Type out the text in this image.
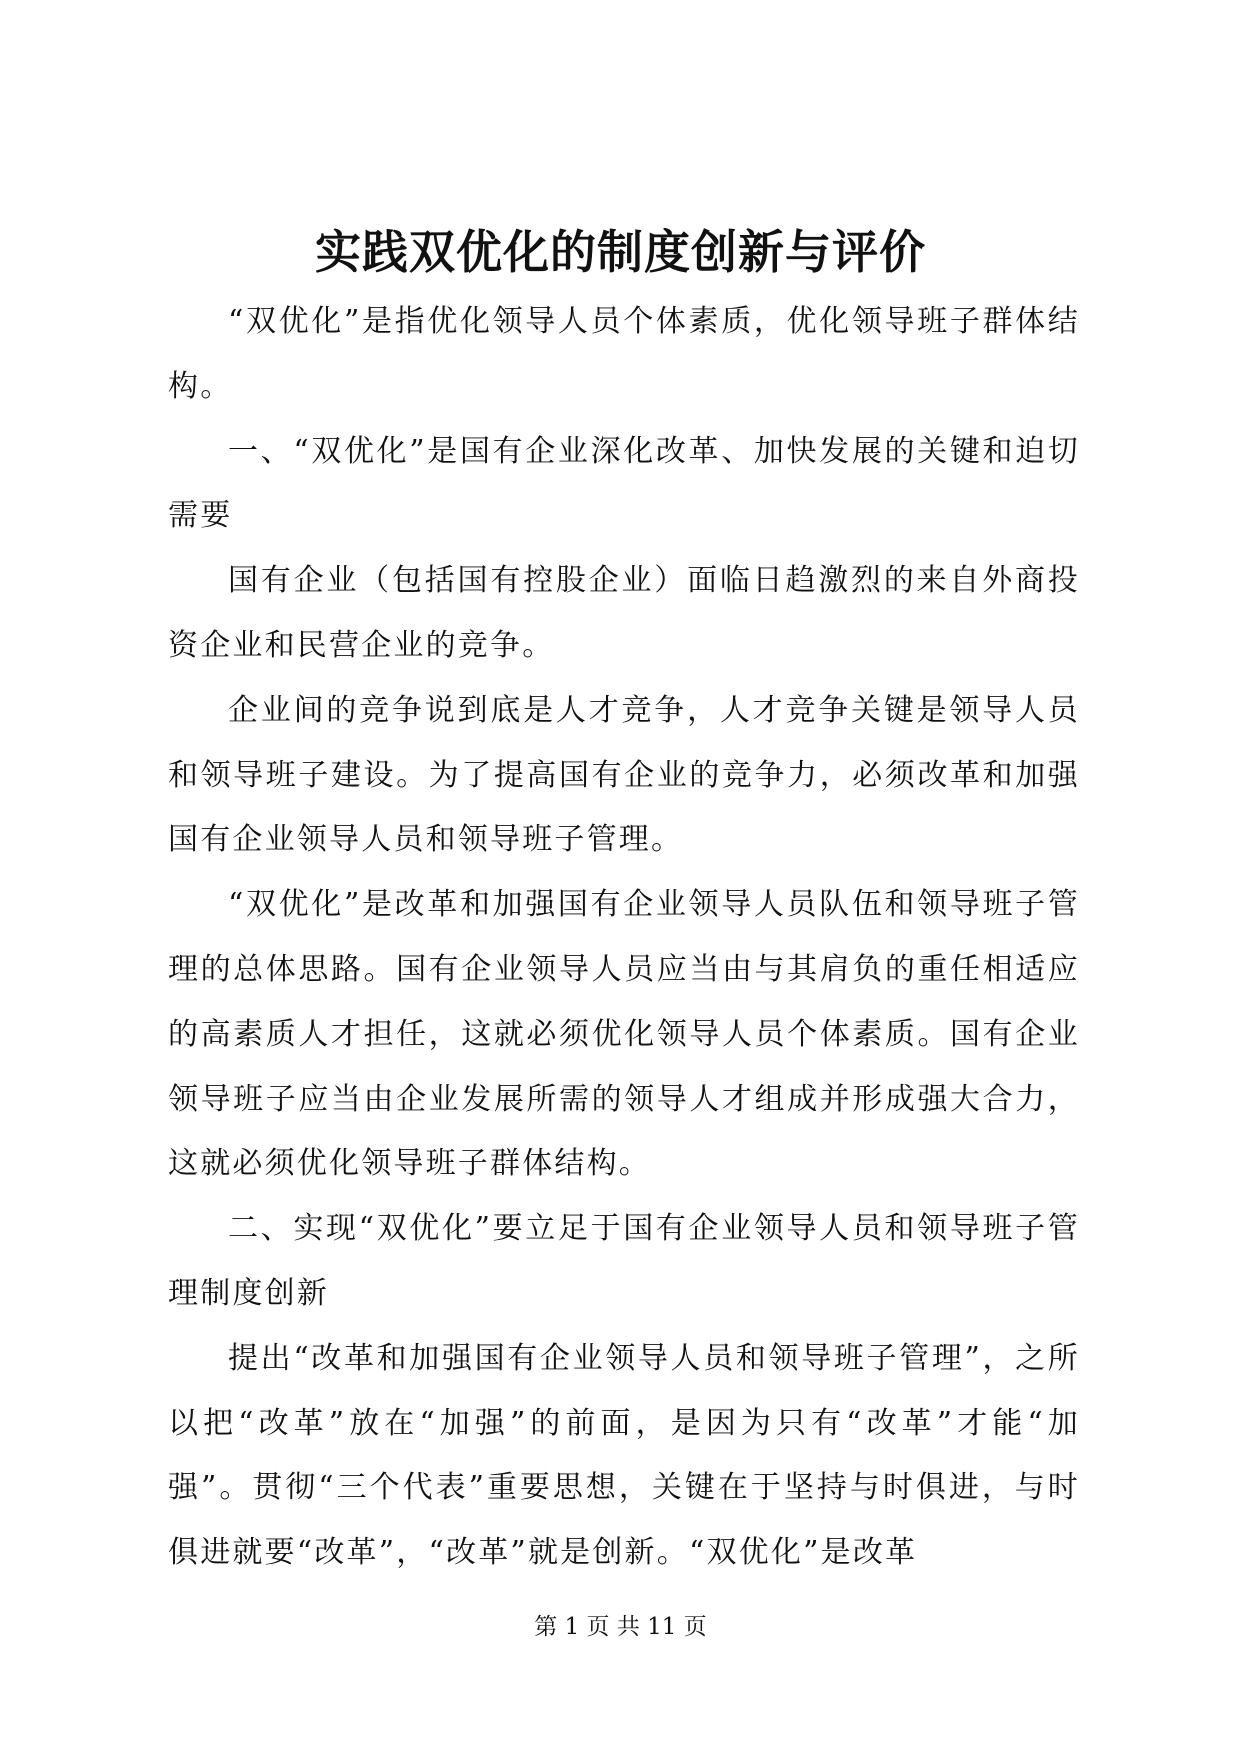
实践双优化的制度创新与评价

“双优化”是指优化领导人员个体素质，优化领导班子群体结构。

一、“双优化”是国有企业深化改革、加快发展的关键和迫切需要

国有企业（包括国有控股企业）面临日趋激烈的来自外商投资企业和民营企业的竞争。

企业间的竞争说到底是人才竞争，人才竞争关键是领导人员和领导班子建设。为了提高国有企业的竞争力，必须改革和加强国有企业领导人员和领导班子管理。

“双优化”是改革和加强国有企业领导人员队伍和领导班子管理的总体思路。国有企业领导人员应当由与其肩负的重任相适应的高素质人才担任，这就必须优化领导人员个体素质。国有企业领导班子应当由企业发展所需的领导人才组成并形成强大合力，这就必须优化领导班子群体结构。

二、实现“双优化”要立足于国有企业领导人员和领导班子管理制度创新

提出“改革和加强国有企业领导人员和领导班子管理”，之所以把“改革”放在“加强”的前面，是因为只有“改革”才能“加强”。贯彻“三个代表”重要思想，关键在于坚持与时俱进，与时俱进就要“改革”，“改革”就是创新。“双优化”是改革

第 1 页 共 11 页
